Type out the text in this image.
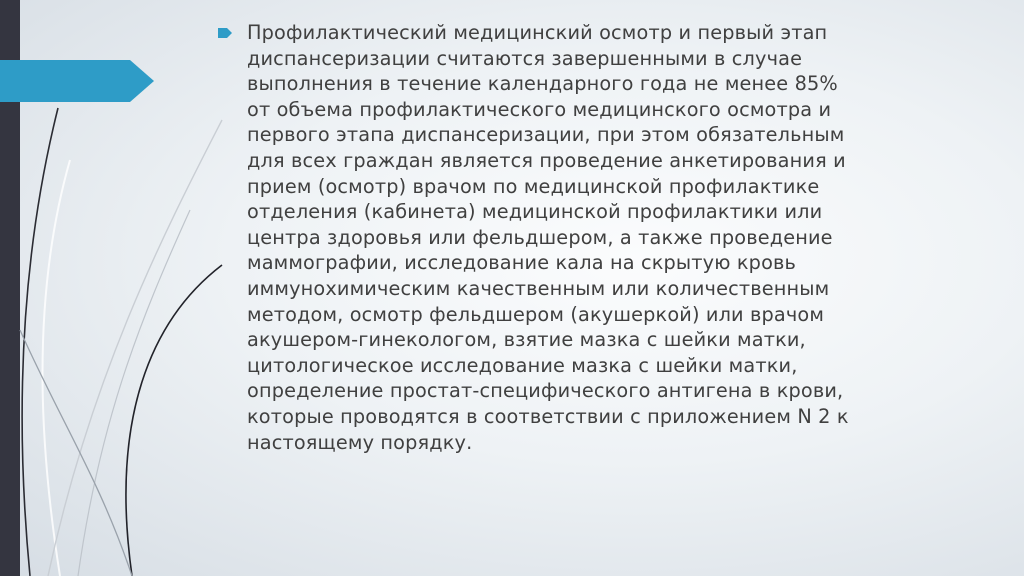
Профилактический медицинский осмотр и первый этап
диспансеризации считаются завершенными в случае
выполнения в течение календарного года не менее 85%
от объема профилактического медицинского осмотра и
первого этапа диспансеризации, при этом обязательным
для всех граждан является проведение анкетирования и
прием (осмотр) врачом по медицинской профилактике
отделения (кабинета) медицинской профилактики или
центра здоровья или фельдшером, а также проведение
маммографии, исследование кала на скрытую кровь
иммунохимическим качественным или количественным
методом, осмотр фельдшером (акушеркой) или врачом
акушером-гинекологом, взятие мазка с шейки матки,
цитологическое исследование мазка с шейки матки,
определение простат-специфического антигена в крови,
которые проводятся в соответствии с приложением N 2 к
настоящему порядку.
